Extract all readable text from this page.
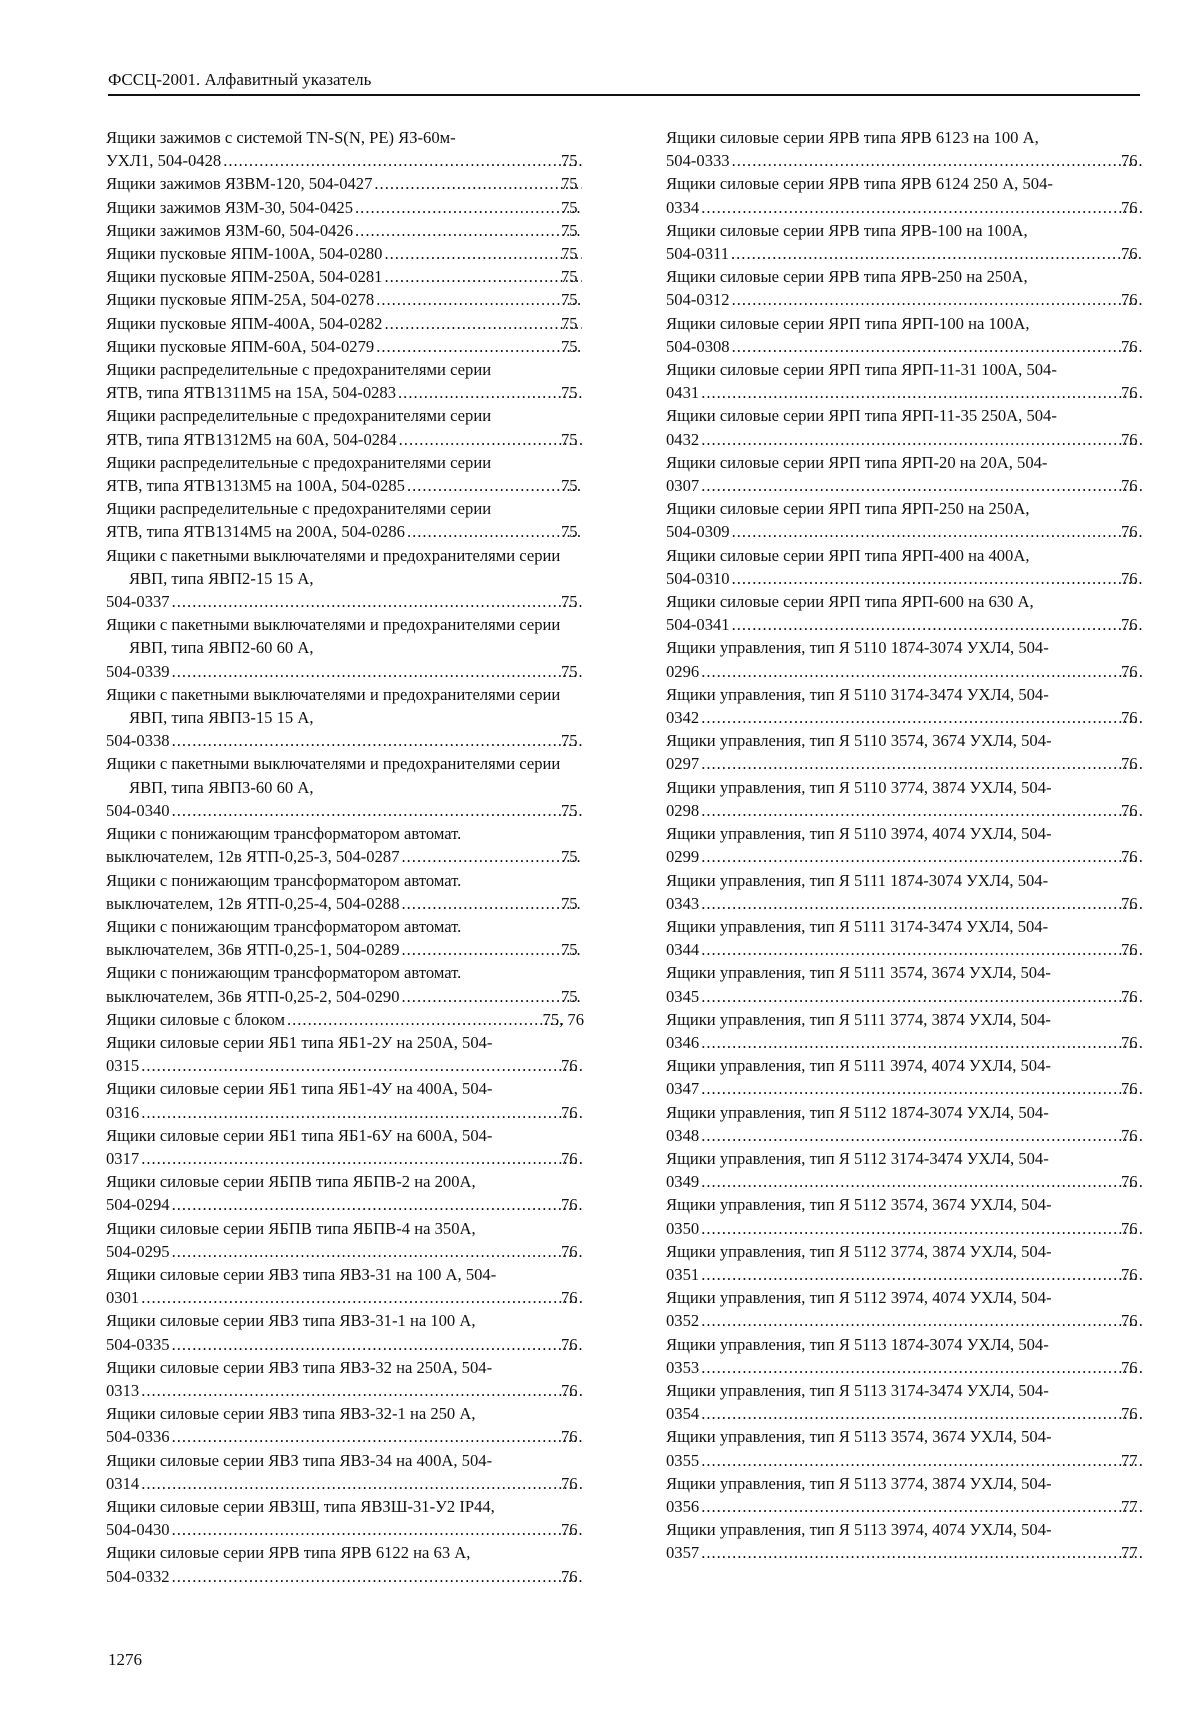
ФССЦ-2001. Алфавитный указатель
Ящики зажимов с системой TN-S(N, PE) ЯЗ-60м-
УХЛ1, 504-0428 .....	75
Ящики зажимов ЯЗВМ-120, 504-0427 .....	75
Ящики зажимов ЯЗМ-30, 504-0425 .....	75
Ящики зажимов ЯЗМ-60, 504-0426 .....	75
Ящики пусковые ЯПМ-100А, 504-0280 .....	75
Ящики пусковые ЯПМ-250А, 504-0281 .....	75
Ящики пусковые ЯПМ-25А, 504-0278 .....	75
Ящики пусковые ЯПМ-400А, 504-0282 .....	75
Ящики пусковые ЯПМ-60А, 504-0279 .....	75
Ящики распределительные с предохранителями серии
ЯТВ, типа ЯТВ1311М5 на 15А, 504-0283 .....	75
Ящики распределительные с предохранителями серии
ЯТВ, типа ЯТВ1312М5 на 60А, 504-0284 .....	75
Ящики распределительные с предохранителями серии
ЯТВ, типа ЯТВ1313М5 на 100А, 504-0285 .....	75
Ящики распределительные с предохранителями серии
ЯТВ, типа ЯТВ1314М5 на 200А, 504-0286 .....	75
Ящики с пакетными выключателями и предохранителями серии ЯВП, типа ЯВП2-15 15 А,
504-0337 .....	75
Ящики с пакетными выключателями и предохранителями серии ЯВП, типа ЯВП2-60 60 А,
504-0339 .....	75
Ящики с пакетными выключателями и предохранителями серии ЯВП, типа ЯВП3-15 15 А,
504-0338 .....	75
Ящики с пакетными выключателями и предохранителями серии ЯВП, типа ЯВП3-60 60 А,
504-0340 .....	75
Ящики с понижающим трансформатором автомат.
выключателем, 12в ЯТП-0,25-3, 504-0287 .....	75
Ящики с понижающим трансформатором автомат.
выключателем, 12в ЯТП-0,25-4, 504-0288 .....	75
Ящики с понижающим трансформатором автомат.
выключателем, 36в ЯТП-0,25-1, 504-0289 .....	75
Ящики с понижающим трансформатором автомат.
выключателем, 36в ЯТП-0,25-2, 504-0290 .....	75
Ящики силовые с блоком .....	75, 76
Ящики силовые серии ЯБ1 типа ЯБ1-2У на 250А, 504-
0315 .....	76
Ящики силовые серии ЯБ1 типа ЯБ1-4У на 400А, 504-
0316 .....	76
Ящики силовые серии ЯБ1 типа ЯБ1-6У на 600А, 504-
0317 .....	76
Ящики силовые серии ЯБПВ типа ЯБПВ-2 на 200А,
504-0294 .....	76
Ящики силовые серии ЯБПВ типа ЯБПВ-4 на 350А,
504-0295 .....	76
Ящики силовые серии ЯВЗ типа ЯВЗ-31 на 100 А, 504-
0301 .....	76
Ящики силовые серии ЯВЗ типа ЯВЗ-31-1 на 100 А,
504-0335 .....	76
Ящики силовые серии ЯВЗ типа ЯВЗ-32 на 250А, 504-
0313 .....	76
Ящики силовые серии ЯВЗ типа ЯВЗ-32-1 на 250 А,
504-0336 .....	76
Ящики силовые серии ЯВЗ типа ЯВЗ-34 на 400А, 504-
0314 .....	76
Ящики силовые серии ЯВЗШ, типа ЯВЗШ-31-У2 IP44,
504-0430 .....	76
Ящики силовые серии ЯРВ типа ЯРВ 6122 на 63 А,
504-0332 .....	76
Ящики силовые серии ЯРВ типа ЯРВ 6123 на 100 А,
504-0333 .....	76
Ящики силовые серии ЯРВ типа ЯРВ 6124 250 А, 504-
0334 .....	76
Ящики силовые серии ЯРВ типа ЯРВ-100 на 100А,
504-0311 .....	76
Ящики силовые серии ЯРВ типа ЯРВ-250 на 250А,
504-0312 .....	76
Ящики силовые серии ЯРП типа ЯРП-100 на 100А,
504-0308 .....	76
Ящики силовые серии ЯРП типа ЯРП-11-31 100А, 504-
0431 .....	76
Ящики силовые серии ЯРП типа ЯРП-11-35 250А, 504-
0432 .....	76
Ящики силовые серии ЯРП типа ЯРП-20 на 20А, 504-
0307 .....	76
Ящики силовые серии ЯРП типа ЯРП-250 на 250А,
504-0309 .....	76
Ящики силовые серии ЯРП типа ЯРП-400 на 400А,
504-0310 .....	76
Ящики силовые серии ЯРП типа ЯРП-600 на 630 А,
504-0341 .....	76
Ящики управления, тип Я 5110 1874-3074 УХЛ4, 504-
0296 .....	76
Ящики управления, тип Я 5110 3174-3474 УХЛ4, 504-
0342 .....	76
Ящики управления, тип Я 5110 3574, 3674 УХЛ4, 504-
0297 .....	76
Ящики управления, тип Я 5110 3774, 3874 УХЛ4, 504-
0298 .....	76
Ящики управления, тип Я 5110 3974, 4074 УХЛ4, 504-
0299 .....	76
Ящики управления, тип Я 5111 1874-3074 УХЛ4, 504-
0343 .....	76
Ящики управления, тип Я 5111 3174-3474 УХЛ4, 504-
0344 .....	76
Ящики управления, тип Я 5111 3574, 3674 УХЛ4, 504-
0345 .....	76
Ящики управления, тип Я 5111 3774, 3874 УХЛ4, 504-
0346 .....	76
Ящики управления, тип Я 5111 3974, 4074 УХЛ4, 504-
0347 .....	76
Ящики управления, тип Я 5112 1874-3074 УХЛ4, 504-
0348 .....	76
Ящики управления, тип Я 5112 3174-3474 УХЛ4, 504-
0349 .....	76
Ящики управления, тип Я 5112 3574, 3674 УХЛ4, 504-
0350 .....	76
Ящики управления, тип Я 5112 3774, 3874 УХЛ4, 504-
0351 .....	76
Ящики управления, тип Я 5112 3974, 4074 УХЛ4, 504-
0352 .....	76
Ящики управления, тип Я 5113 1874-3074 УХЛ4, 504-
0353 .....	76
Ящики управления, тип Я 5113 3174-3474 УХЛ4, 504-
0354 .....	76
Ящики управления, тип Я 5113 3574, 3674 УХЛ4, 504-
0355 .....	77
Ящики управления, тип Я 5113 3774, 3874 УХЛ4, 504-
0356 .....	77
Ящики управления, тип Я 5113 3974, 4074 УХЛ4, 504-
0357 .....	77
1276
